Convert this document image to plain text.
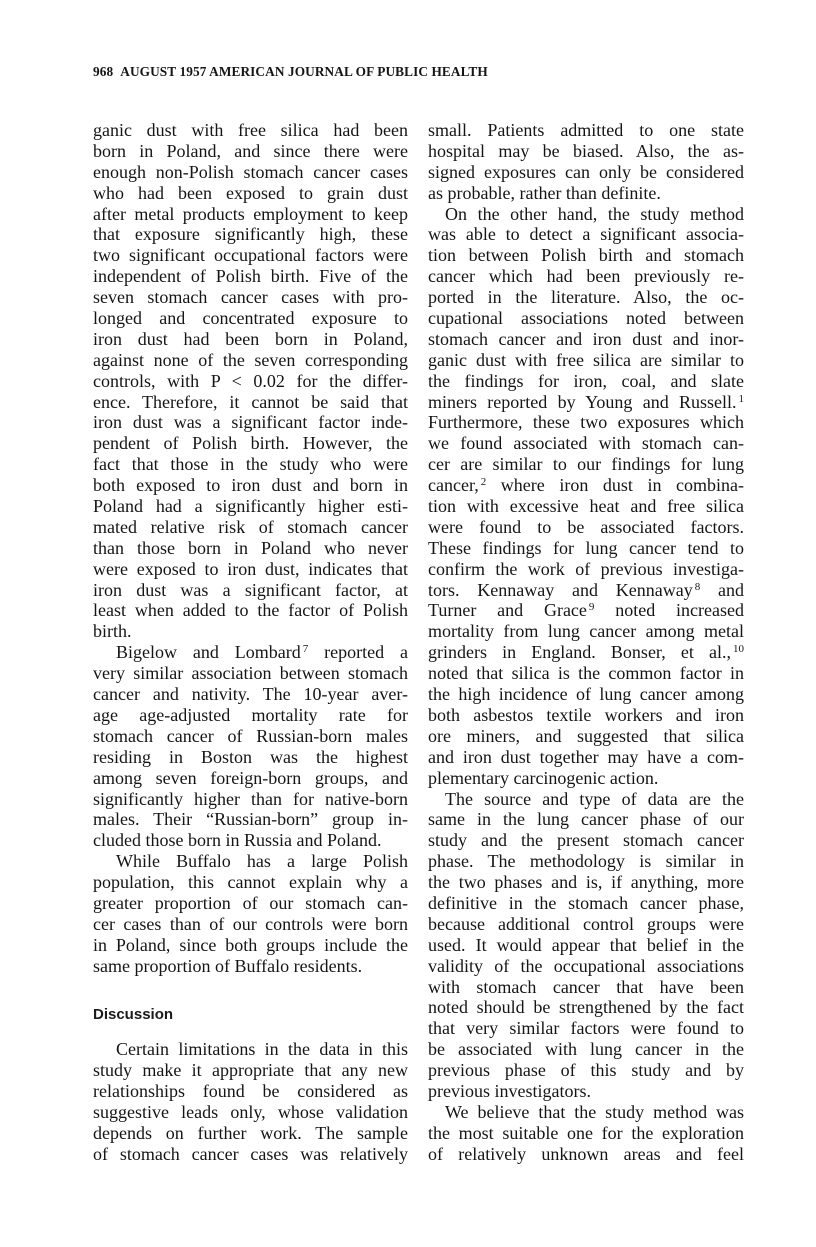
968 AUGUST 1957 AMERICAN JOURNAL OF PUBLIC HEALTH
ganic dust with free silica had been
born in Poland, and since there were
enough non-Polish stomach cancer cases
who had been exposed to grain dust
after metal products employment to keep
that exposure significantly high, these
two significant occupational factors were
independent of Polish birth. Five of the
seven stomach cancer cases with pro-
longed and concentrated exposure to
iron dust had been born in Poland,
against none of the seven corresponding
controls, with P < 0.02 for the differ-
ence. Therefore, it cannot be said that
iron dust was a significant factor inde-
pendent of Polish birth. However, the
fact that those in the study who were
both exposed to iron dust and born in
Poland had a significantly higher esti-
mated relative risk of stomach cancer
than those born in Poland who never
were exposed to iron dust, indicates that
iron dust was a significant factor, at
least when added to the factor of Polish
birth.
Bigelow and Lombard $^7$ reported a
very similar association between stomach
cancer and nativity. The 10-year aver-
age age-adjusted mortality rate for
stomach cancer of Russian-born males
residing in Boston was the highest
among seven foreign-born groups, and
significantly higher than for native-born
males. Their “Russian-born” group in-
cluded those born in Russia and Poland.
While Buffalo has a large Polish
population, this cannot explain why a
greater proportion of our stomach can-
cer cases than of our controls were born
in Poland, since both groups include the
same proportion of Buffalo residents.
Discussion
Certain limitations in the data in this
study make it appropriate that any new
relationships found be considered as
suggestive leads only, whose validation
depends on further work. The sample
of stomach cancer cases was relatively
small. Patients admitted to one state
hospital may be biased. Also, the as-
signed exposures can only be considered
as probable, rather than definite.
On the other hand, the study method
was able to detect a significant associa-
tion between Polish birth and stomach
cancer which had been previously re-
ported in the literature. Also, the oc-
cupational associations noted between
stomach cancer and iron dust and inor-
ganic dust with free silica are similar to
the findings for iron, coal, and slate
miners reported by Young and Russell. $^1$
Furthermore, these two exposures which
we found associated with stomach can-
cer are similar to our findings for lung
cancer, $^2$ where iron dust in combina-
tion with excessive heat and free silica
were found to be associated factors.
These findings for lung cancer tend to
confirm the work of previous investiga-
tors. Kennaway and Kennaway $^8$ and
Turner and Grace $^9$ noted increased
mortality from lung cancer among metal
grinders in England. Bonser, et al., $^{10}$
noted that silica is the common factor in
the high incidence of lung cancer among
both asbestos textile workers and iron
ore miners, and suggested that silica
and iron dust together may have a com-
plementary carcinogenic action.
The source and type of data are the
same in the lung cancer phase of our
study and the present stomach cancer
phase. The methodology is similar in
the two phases and is, if anything, more
definitive in the stomach cancer phase,
because additional control groups were
used. It would appear that belief in the
validity of the occupational associations
with stomach cancer that have been
noted should be strengthened by the fact
that very similar factors were found to
be associated with lung cancer in the
previous phase of this study and by
previous investigators.
We believe that the study method was
the most suitable one for the exploration
of relatively unknown areas and feel
